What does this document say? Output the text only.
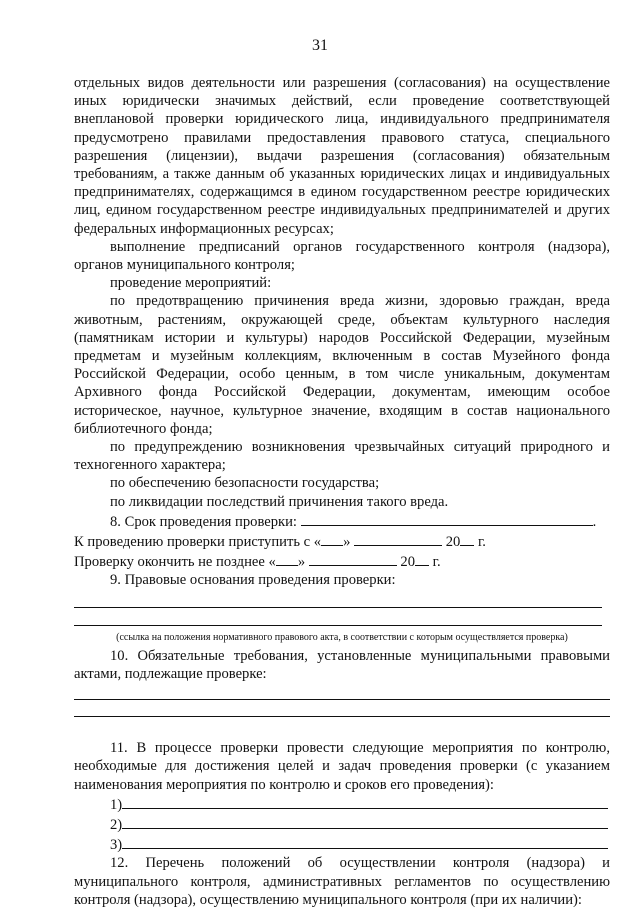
31

отдельных видов деятельности или разрешения (согласования) на осуществление иных юридически значимых действий, если проведение соответствующей внеплановой проверки юридического лица, индивидуального предпринимателя предусмотрено правилами предоставления правового статуса, специального разрешения (лицензии), выдачи разрешения (согласования) обязательным требованиям, а также данным об указанных юридических лицах и индивидуальных предпринимателях, содержащимся в едином государственном реестре юридических лиц, едином государственном реестре индивидуальных предпринимателей и других федеральных информационных ресурсах;

выполнение предписаний органов государственного контроля (надзора), органов муниципального контроля;

проведение мероприятий:

по предотвращению причинения вреда жизни, здоровью граждан, вреда животным, растениям, окружающей среде, объектам культурного наследия (памятникам истории и культуры) народов Российской Федерации, музейным предметам и музейным коллекциям, включенным в состав Музейного фонда Российской Федерации, особо ценным, в том числе уникальным, документам Архивного фонда Российской Федерации, документам, имеющим особое историческое, научное, культурное значение, входящим в состав национального библиотечного фонда;

по предупреждению возникновения чрезвычайных ситуаций природного и техногенного характера;

по обеспечению безопасности государства;

по ликвидации последствий причинения такого вреда.

8. Срок проведения проверки:	.
К проведению проверки приступить с « »	20 г.
Проверку окончить не позднее « »	20 г.
9. Правовые основания проведения проверки:
(ссылка на положения нормативного правового акта, в соответствии с которым осуществляется проверка)

10. Обязательные требования, установленные муниципальными правовыми актами, подлежащие проверке:

11. В процессе проверки провести следующие мероприятия по контролю, необходимые для достижения целей и задач проведения проверки (с указанием наименования мероприятия по контролю и сроков его проведения):

1)
2)
3)

12. Перечень положений об осуществлении контроля (надзора) и муниципального контроля, административных регламентов по осуществлению контроля (надзора), осуществлению муниципального контроля (при их наличии):
